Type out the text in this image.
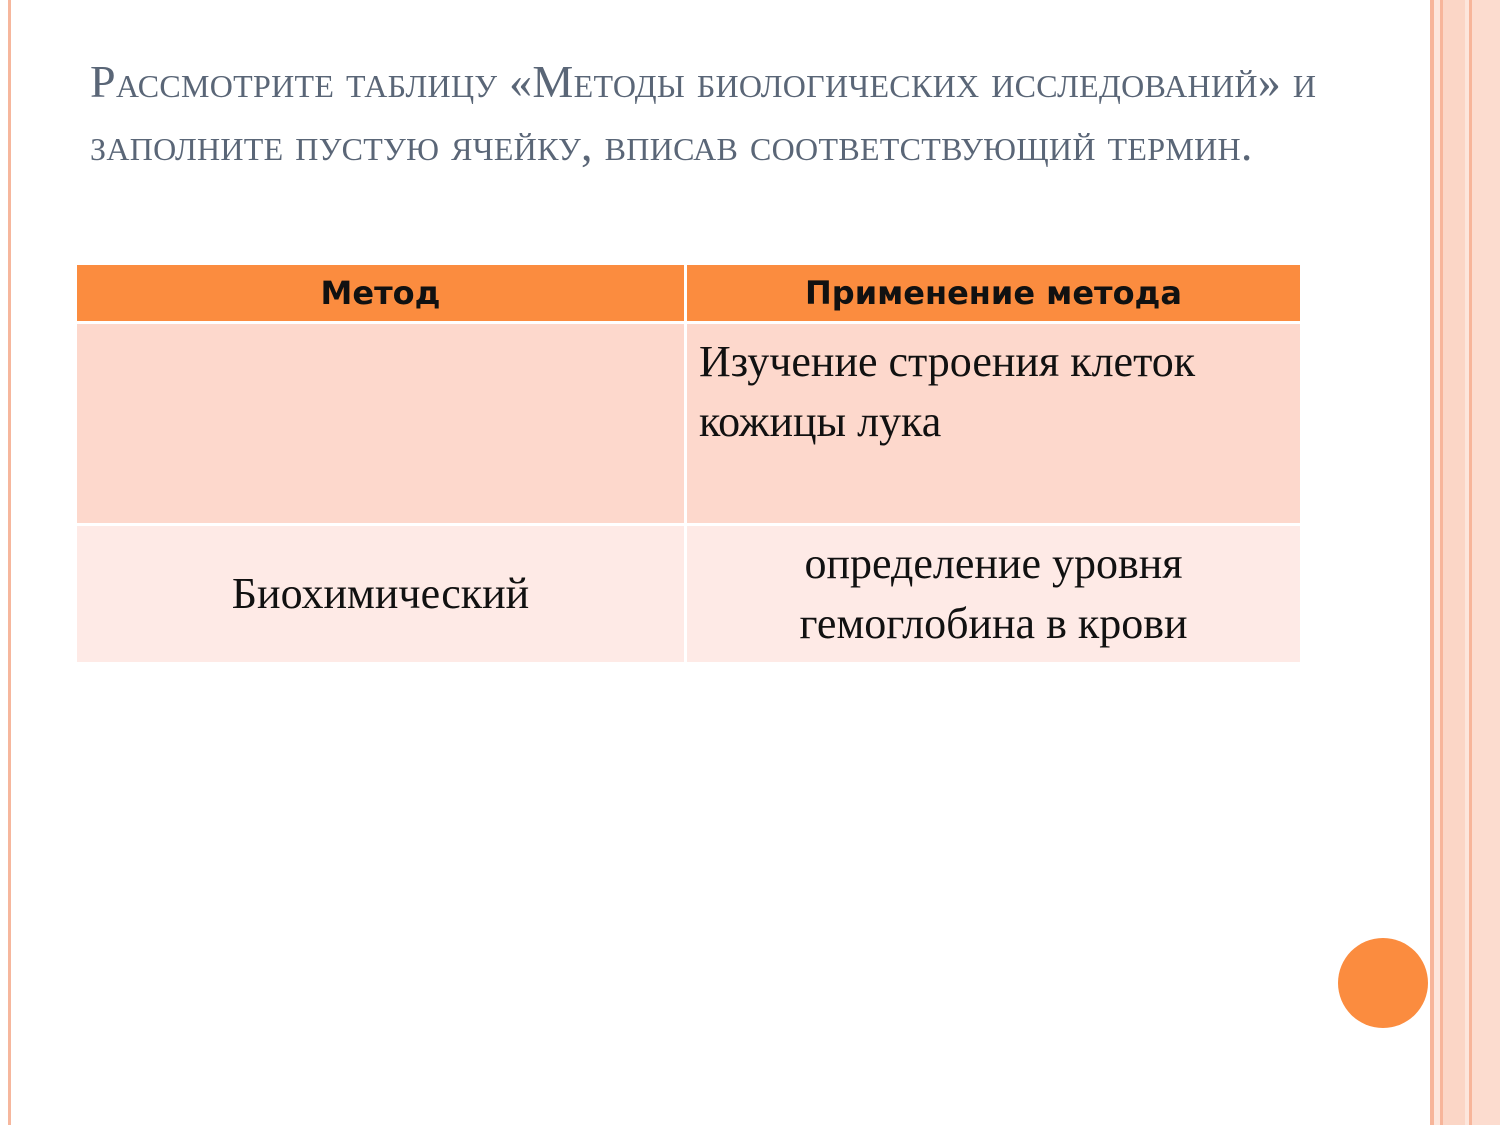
Рассмотрите таблицу «Методы биологических исследований» и заполните пустую ячейку, вписав соответствующий термин.
Метод	Применение метода
	Изучение строения клеток кожицы лука
Биохимический	определение уровня гемоглобина в крови
